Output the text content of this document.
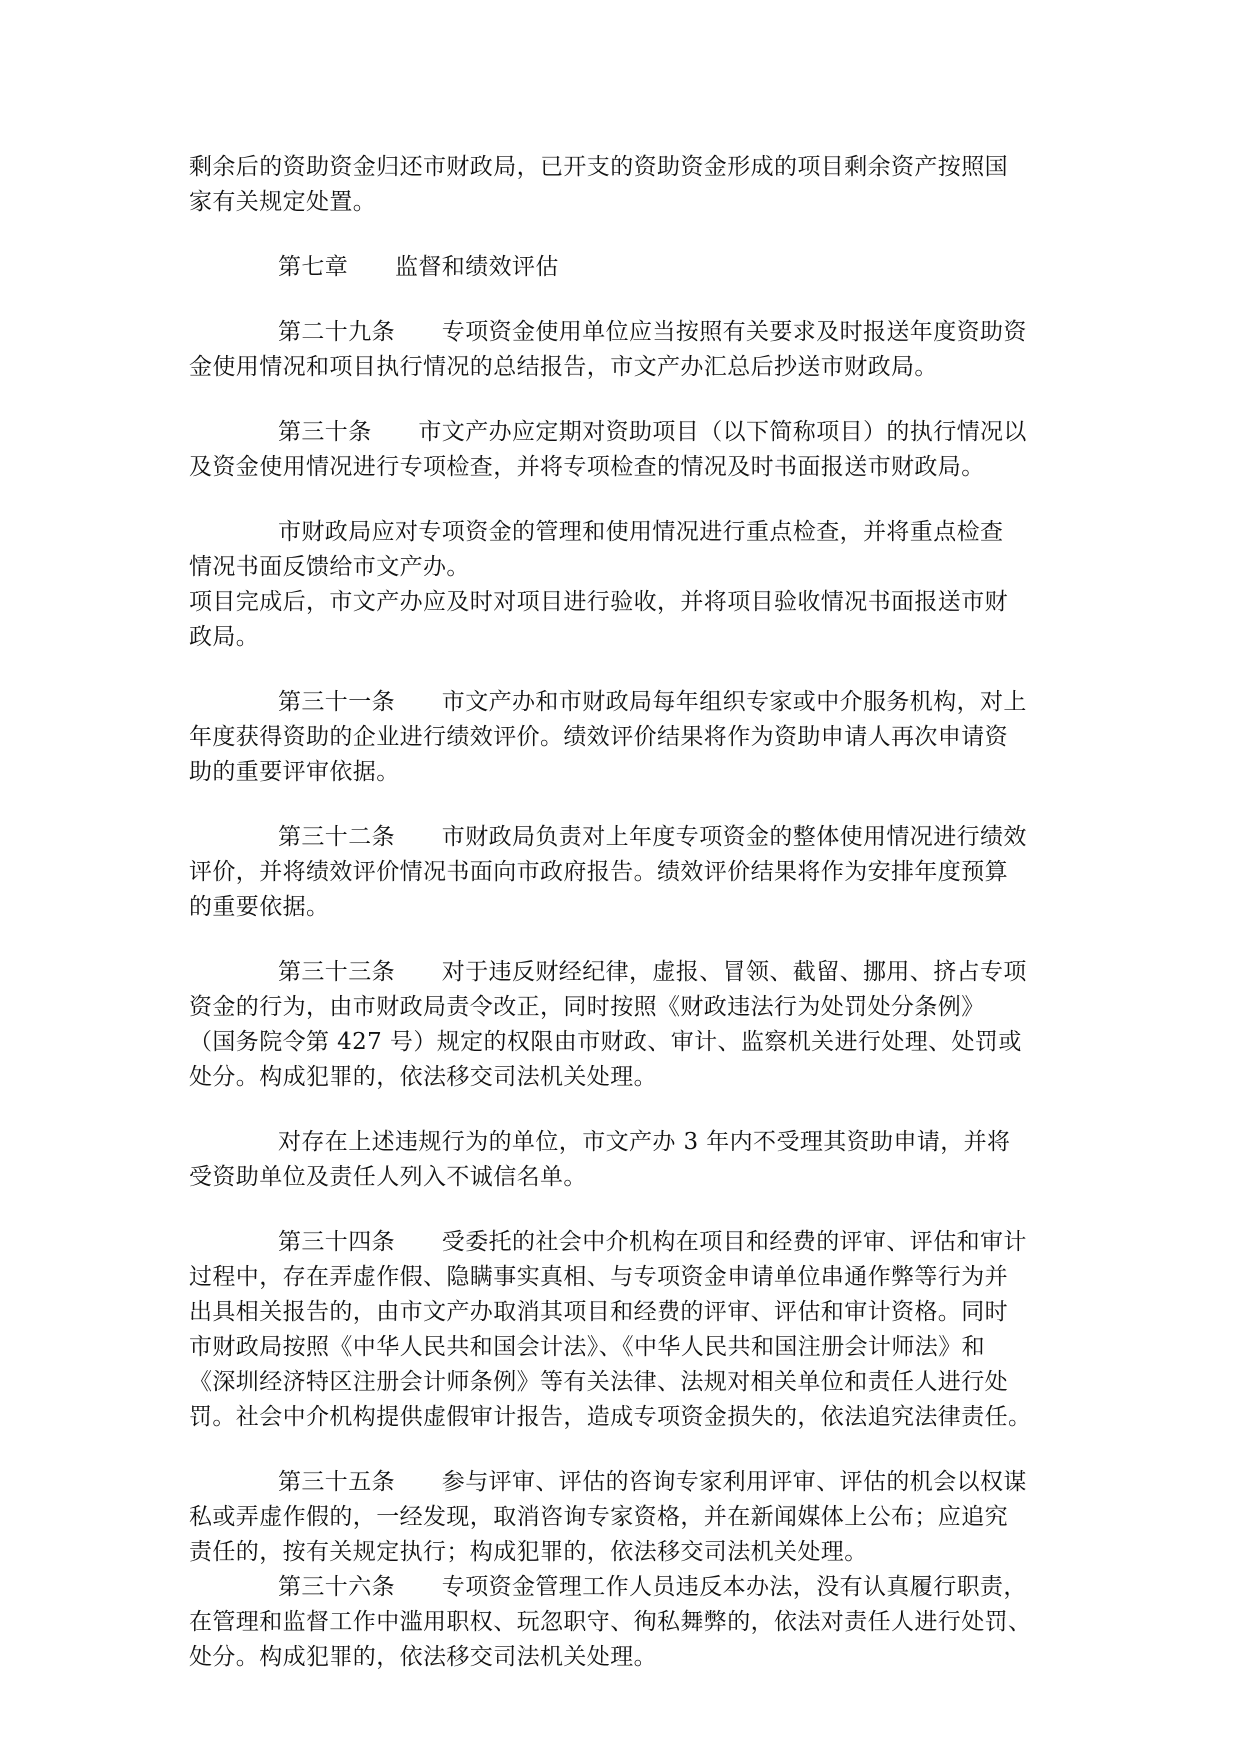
剩余后的资助资金归还市财政局，已开支的资助资金形成的项目剩余资产按照国
家有关规定处置。

第七章　　监督和绩效评估

第二十九条　　专项资金使用单位应当按照有关要求及时报送年度资助资
金使用情况和项目执行情况的总结报告，市文产办汇总后抄送市财政局。

第三十条　　市文产办应定期对资助项目（以下简称项目）的执行情况以
及资金使用情况进行专项检查，并将专项检查的情况及时书面报送市财政局。

市财政局应对专项资金的管理和使用情况进行重点检查，并将重点检查
情况书面反馈给市文产办。

项目完成后，市文产办应及时对项目进行验收，并将项目验收情况书面报送市财
政局。

第三十一条　　市文产办和市财政局每年组织专家或中介服务机构，对上
年度获得资助的企业进行绩效评价。绩效评价结果将作为资助申请人再次申请资
助的重要评审依据。

第三十二条　　市财政局负责对上年度专项资金的整体使用情况进行绩效
评价，并将绩效评价情况书面向市政府报告。绩效评价结果将作为安排年度预算
的重要依据。

第三十三条　　对于违反财经纪律，虚报、冒领、截留、挪用、挤占专项
资金的行为，由市财政局责令改正，同时按照《财政违法行为处罚处分条例》
（国务院令第 427 号）规定的权限由市财政、审计、监察机关进行处理、处罚或
处分。构成犯罪的，依法移交司法机关处理。

对存在上述违规行为的单位，市文产办 3 年内不受理其资助申请，并将
受资助单位及责任人列入不诚信名单。

第三十四条　　受委托的社会中介机构在项目和经费的评审、评估和审计
过程中，存在弄虚作假、隐瞒事实真相、与专项资金申请单位串通作弊等行为并
出具相关报告的，由市文产办取消其项目和经费的评审、评估和审计资格。同时
市财政局按照《中华人民共和国会计法》、《中华人民共和国注册会计师法》和
《深圳经济特区注册会计师条例》等有关法律、法规对相关单位和责任人进行处
罚。社会中介机构提供虚假审计报告，造成专项资金损失的，依法追究法律责任。

第三十五条　　参与评审、评估的咨询专家利用评审、评估的机会以权谋
私或弄虚作假的，一经发现，取消咨询专家资格，并在新闻媒体上公布；应追究
责任的，按有关规定执行；构成犯罪的，依法移交司法机关处理。

第三十六条　　专项资金管理工作人员违反本办法，没有认真履行职责，
在管理和监督工作中滥用职权、玩忽职守、徇私舞弊的，依法对责任人进行处罚、
处分。构成犯罪的，依法移交司法机关处理。
